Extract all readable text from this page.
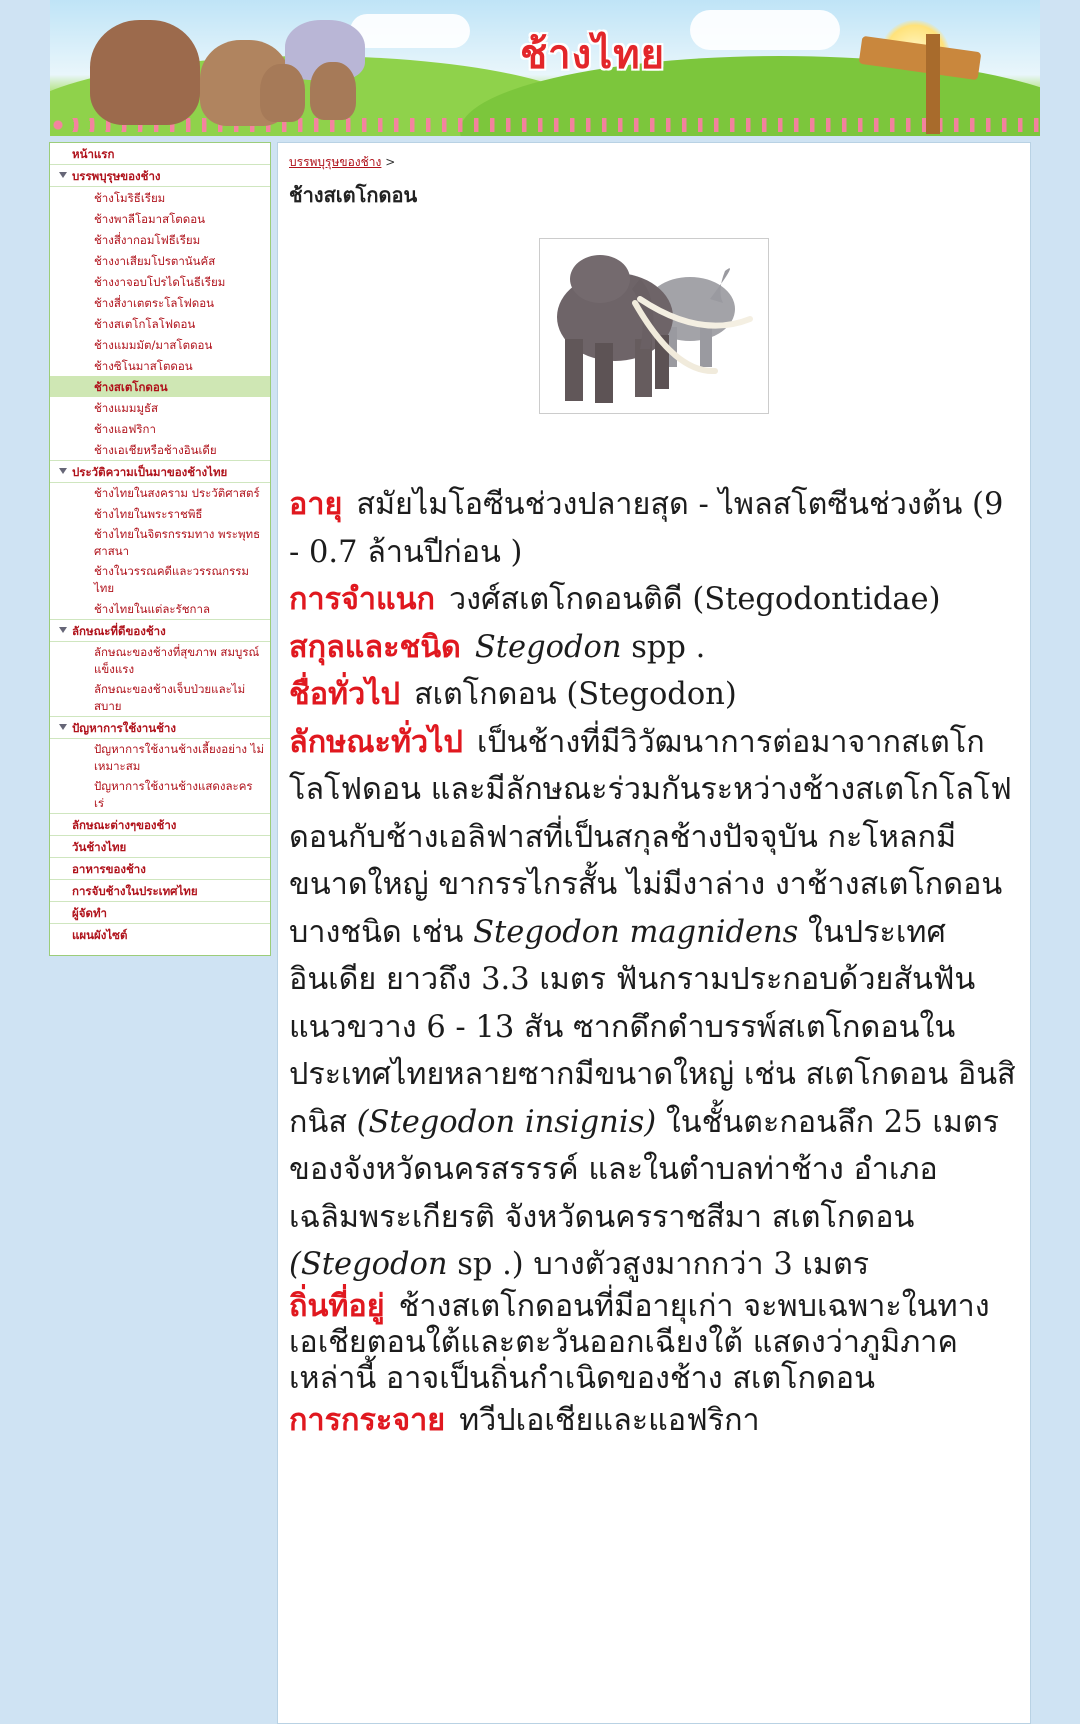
ช้างไทย
หน้าแรก
บรรพบุรุษของช้าง
ช้างโมริธีเรียม
ช้างพาลีโอมาสโตดอน
ช้างสี่งากอมโฟธีเรียม
ช้างงาเสียมโปรตานันคัส
ช้างงาจอบโปรไดโนธีเรียม
ช้างสี่งาเตตระโลโฟดอน
ช้างสเตโกโลโฟดอน
ช้างแมมมัต/มาสโตดอน
ช้างซิโนมาสโตดอน
ช้างสเตโกดอน
ช้างแมมมูธัส
ช้างแอฟริกา
ช้างเอเชียหรือช้างอินเดีย
ประวัติความเป็นมาของช้างไทย
ช้างไทยในสงคราม ประวัติศาสตร์
ช้างไทยในพระราชพิธี
ช้างไทยในจิตรกรรมทาง พระพุทธศาสนา
ช้างในวรรณคดีและวรรณกรรม ไทย
ช้างไทยในแต่ละรัชกาล
ลักษณะที่ดีของช้าง
ลักษณะของช้างที่สุขภาพ สมบูรณ์แข็งแรง
ลักษณะของช้างเจ็บป่วยและไม่ สบาย
ปัญหาการใช้งานช้าง
ปัญหาการใช้งานช้างเลี้ยงอย่าง ไม่เหมาะสม
ปัญหาการใช้งานช้างแสดงละคร เร่
ลักษณะต่างๆของช้าง
วันช้างไทย
อาหารของช้าง
การจับช้างในประเทศไทย
ผู้จัดทำ
แผนผังไซต์
บรรพบุรุษของช้าง >
ช้างสเตโกดอน

อายุ สมัยไมโอซีนช่วงปลายสุด - ไพลสโตซีนช่วงต้น (9 - 0.7 ล้านปีก่อน )

การจำแนก วงศ์สเตโกดอนติดี (Stegodontidae)

สกุลและชนิด Stegodon spp .

ชื่อทั่วไป สเตโกดอน (Stegodon)

ลักษณะทั่วไป เป็นช้างที่มีวิวัฒนาการต่อมาจากสเตโกโลโฟดอน และมีลักษณะร่วมกันระหว่างช้างสเตโกโลโฟดอนกับช้างเอลิฟาสที่เป็นสกุลช้างปัจจุบัน กะโหลกมีขนาดใหญ่ ขากรรไกรสั้น ไม่มีงาล่าง งาช้างสเตโกดอนบางชนิด เช่น Stegodon magnidens ในประเทศอินเดีย ยาวถึง 3.3 เมตร ฟันกรามประกอบด้วยสันฟันแนวขวาง 6 - 13 สัน ซากดึกดำบรรพ์สเตโกดอนในประเทศไทยหลายซากมีขนาดใหญ่ เช่น สเตโกดอน อินสิกนิส (Stegodon insignis) ในชั้นตะกอนลึก 25 เมตร ของจังหวัดนครสรรรค์ และในตำบลท่าช้าง อำเภอเฉลิมพระเกียรติ จังหวัดนครราชสีมา สเตโกดอน (Stegodon sp .) บางตัวสูงมากกว่า 3 เมตร

ถิ่นที่อยู่ ช้างสเตโกดอนที่มีอายุเก่า จะพบเฉพาะในทางเอเชียตอนใต้และตะวันออกเฉียงใต้ แสดงว่าภูมิภาคเหล่านี้ อาจเป็นถิ่นกำเนิดของช้าง สเตโกดอน

การกระจาย ทวีปเอเชียและแอฟริกา
